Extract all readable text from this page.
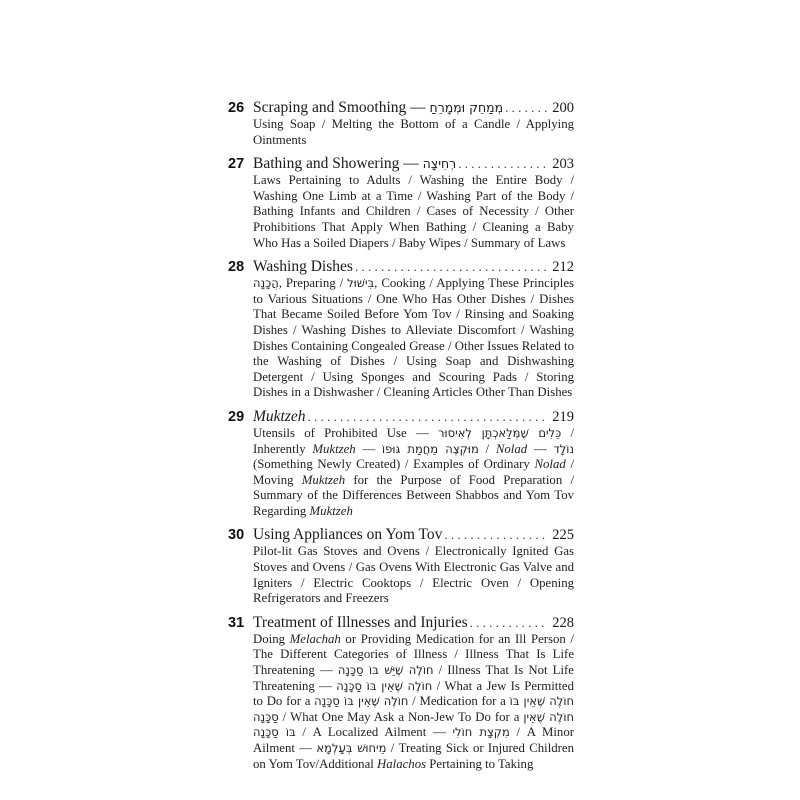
26 Scraping and Smoothing — מְמַחֵק וּמְמָרֵחַ . . .	200
Using Soap / Melting the Bottom of a Candle / Applying Ointments
27 Bathing and Showering — רְחִיצָה . . .	203
Laws Pertaining to Adults / Washing the Entire Body / Washing One Limb at a Time / Washing Part of the Body / Bathing Infants and Children / Cases of Necessity / Other Prohibitions That Apply When Bathing / Cleaning a Baby Who Has a Soiled Diapers / Baby Wipes / Summary of Laws
28 Washing Dishes . . .	212
הֲכָנָה, Preparing / בִּישׁוּל, Cooking / Applying These Principles to Various Situations / One Who Has Other Dishes / Dishes That Became Soiled Before Yom Tov / Rinsing and Soaking Dishes / Washing Dishes to Alleviate Discomfort / Washing Dishes Containing Congealed Grease / Other Issues Related to the Washing of Dishes / Using Soap and Dishwashing Detergent / Using Sponges and Scouring Pads / Storing Dishes in a Dishwasher / Cleaning Articles Other Than Dishes
29 Muktzeh . . .	219
Utensils of Prohibited Use — כֵּלִים שֶׁמְּלַאכְתָּן לְאִיסוּר / Inherently Muktzeh — מוּקְצֶה מֵחֲמַת גּוּפוֹ / Nolad — נוֹלָד (Something Newly Created) / Examples of Ordinary Nolad / Moving Muktzeh for the Purpose of Food Preparation / Summary of the Differences Between Shabbos and Yom Tov Regarding Muktzeh
30 Using Appliances on Yom Tov . . .	225
Pilot-lit Gas Stoves and Ovens / Electronically Ignited Gas Stoves and Ovens / Gas Ovens With Electronic Gas Valve and Igniters / Electric Cooktops / Electric Oven / Opening Refrigerators and Freezers
31 Treatment of Illnesses and Injuries . . .	228
Doing Melachah or Providing Medication for an Ill Person / The Different Categories of Illness / Illness That Is Life Threatening — חוֹלֶה שֶׁיֵּשׁ בּוֹ סַכָּנָה / Illness That Is Not Life Threatening — חוֹלֶה שֶׁאֵין בּוֹ סַכָּנָה / What a Jew Is Permitted to Do for a חוֹלֶה שֶׁאֵין בּוֹ סַכָּנָה / Medication for a חוֹלֶה שֶׁאֵין בּוֹ סַכָּנָה / What One May Ask a Non-Jew To Do for a חוֹלֶה שֶׁאֵין בּוֹ סַכָּנָה / A Localized Ailment — מִקְצָת חוֹלִי / A Minor Ailment — מֵיחוּשׁ בְּעָלְמָא / Treating Sick or Injured Children on Yom Tov/Additional Halachos Pertaining to Taking
